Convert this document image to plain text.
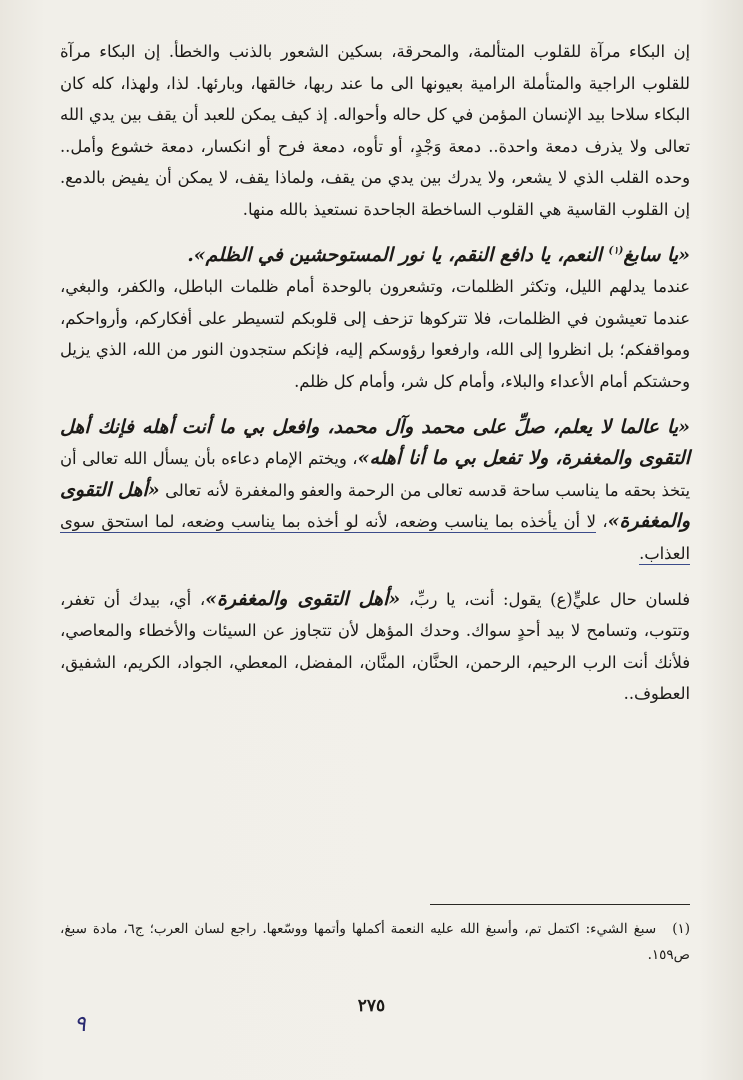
إن البكاء مرآة للقلوب المتألمة، والمحرقة، بسكين الشعور بالذنب والخطأ. إن البكاء مرآة للقلوب الراجية والمتأملة الرامية بعيونها الى ما عند ربها، خالقها، وبارئها. لذا، ولهذا، كله كان البكاء سلاحا بيد الإنسان المؤمن في كل حاله وأحواله. إذ كيف يمكن للعبد أن يقف بين يدي الله تعالى ولا يذرف دمعة واحدة.. دمعة وَجْدٍ، أو تأوه، دمعة فرح أو انكسار، دمعة خشوع وأمل.. وحده القلب الذي لا يشعر، ولا يدرك بين يدي من يقف، ولماذا يقف، لا يمكن أن يفيض بالدمع. إن القلوب القاسية هي القلوب الساخطة الجاحدة نستعيذ بالله منها.

«يا سابغ$^{(١)}$ النعم، يا دافع النقم، يا نور المستوحشين في الظلم».

عندما يدلهم الليل، وتكثر الظلمات، وتشعرون بالوحدة أمام ظلمات الباطل، والكفر، والبغي، عندما تعيشون في الظلمات، فلا تتركوها تزحف إلى قلوبكم لتسيطر على أفكاركم، وأرواحكم، ومواقفكم؛ بل انظروا إلى الله، وارفعوا رؤوسكم إليه، فإنكم ستجدون النور من الله، الذي يزيل وحشتكم أمام الأعداء والبلاء، وأمام كل شر، وأمام كل ظلم.

«يا عالما لا يعلم، صلِّ على محمد وآل محمد، وافعل بي ما أنت أهله فإنك أهل التقوى والمغفرة، ولا تفعل بي ما أنا أهله»، ويختم الإمام دعاءه بأن يسأل الله تعالى أن يتخذ بحقه ما يناسب ساحة قدسه تعالى من الرحمة والعفو والمغفرة لأنه تعالى «أهل التقوى والمغفرة»، لا أن يأخذه بما يناسب وضعه، لأنه لو أخذه بما يناسب وضعه، لما استحق سوى العذاب.

فلسان حال عليٍّ(ع) يقول: أنت، يا ربِّ، «أهل التقوى والمغفرة»، أي، بيدك أن تغفر، وتتوب، وتسامح لا بيد أحدٍ سواك. وحدك المؤهل لأن تتجاوز عن السيئات والأخطاء والمعاصي، فلأنك أنت الرب الرحيم، الرحمن، الحنَّان، المنَّان، المفضل، المعطي، الجواد، الكريم، الشفيق، العطوف..

(١)سبغ الشيء: اكتمل تم، وأسبغ الله عليه النعمة أكملها وأتمها ووسّعها. راجع لسان العرب؛ ج٦، مادة سبغ، ص١٥٩.
٢٧٥
٩
